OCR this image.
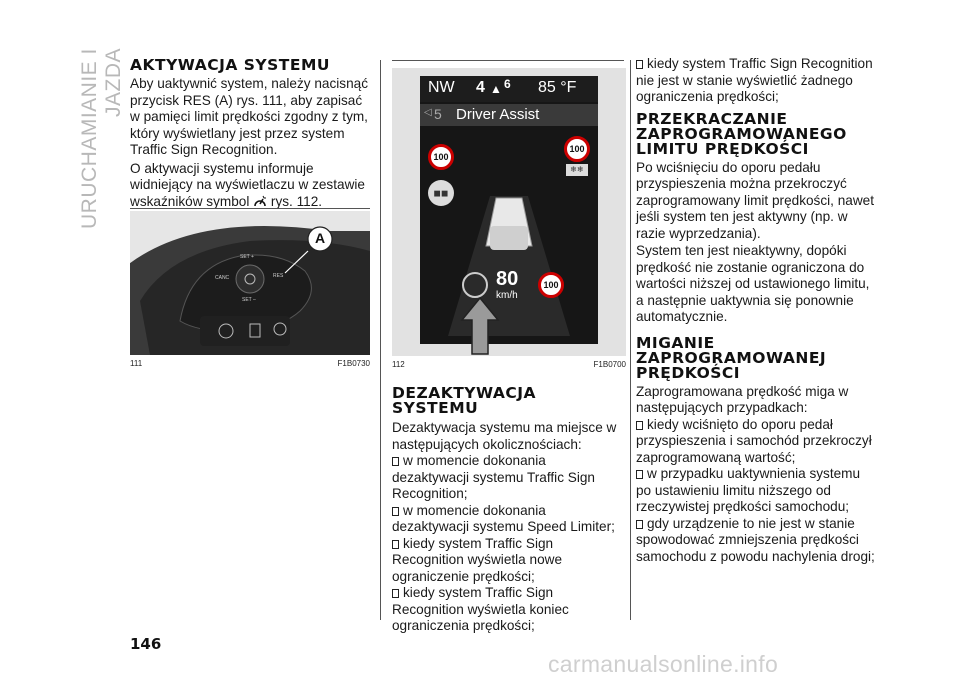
URUCHAMIANIE I JAZDA AKTYWACJA SYSTEMU

Aby uaktywnić system, należy nacisnąć przycisk RES (A) rys. 111, aby zapisać w pamięci limit prędkości zgodny z tym, który wyświetlany jest przez system Traffic Sign Recognition.

O aktywacji systemu informuje widniejący na wyświetlaczu w zestawie wskaźników symbol rys. 112.

A
SET +
CANC	RES
SET –
111	F1B0730
NW 4 ▲ 6 85 °F
◁ 5 Driver Assist
100
100
❄❄
◼◼
80
km/h
100
112	F1B0700
DEZAKTYWACJA SYSTEMU

Dezaktywacja systemu ma miejsce w następujących okolicznościach:

w momencie dokonania dezaktywacji systemu Traffic Sign Recognition;

w momencie dokonania dezaktywacji systemu Speed Limiter;

kiedy system Traffic Sign Recognition wyświetla nowe ograniczenie prędkości;

kiedy system Traffic Sign Recognition wyświetla koniec ograniczenia prędkości;

kiedy system Traffic Sign Recognition nie jest w stanie wyświetlić żadnego ograniczenia prędkości;

PRZEKRACZANIE ZAPROGRAMOWANEGO LIMITU PRĘDKOŚCI

Po wciśnięciu do oporu pedału przyspieszenia można przekroczyć zaprogramowany limit prędkości, nawet jeśli system ten jest aktywny (np. w razie wyprzedzania).

System ten jest nieaktywny, dopóki prędkość nie zostanie ograniczona do wartości niższej od ustawionego limitu, a następnie uaktywnia się ponownie automatycznie.

MIGANIE ZAPROGRAMOWANEJ PRĘDKOŚCI

Zaprogramowana prędkość miga w następujących przypadkach:

kiedy wciśnięto do oporu pedał przyspieszenia i samochód przekroczył zaprogramowaną wartość;

w przypadku uaktywnienia systemu po ustawieniu limitu niższego od rzeczywistej prędkości samochodu;

gdy urządzenie to nie jest w stanie spowodować zmniejszenia prędkości samochodu z powodu nachylenia drogi;

146
carmanualsonline.info
